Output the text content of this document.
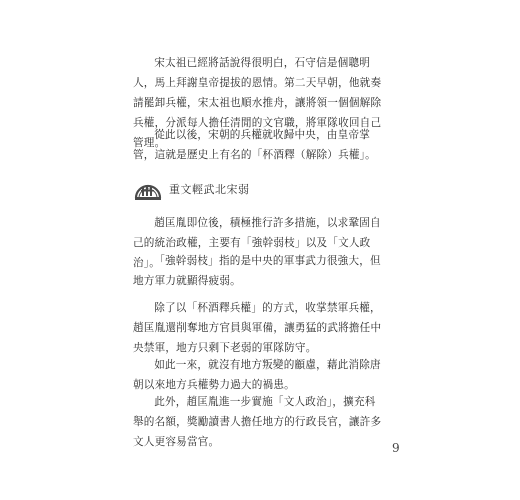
宋太祖已經將話說得很明白，石守信是個聰明人，馬上拜謝皇帝提拔的恩情。第二天早朝，他就奏請罷卸兵權，宋太祖也順水推舟，讓將領一個個解除兵權，分派每人擔任清閒的文官職，將軍隊收回自己管理。

從此以後，宋朝的兵權就收歸中央，由皇帝掌管，這就是歷史上有名的「杯酒釋（解除）兵權」。

重文輕武北宋弱

趙匡胤即位後，積極推行許多措施，以求鞏固自己的統治政權，主要有「強幹弱枝」以及「文人政治」。

「強幹弱枝」指的是中央的軍事武力很強大，但地方軍力就顯得疲弱。

除了以「杯酒釋兵權」的方式，收掌禁軍兵權，趙匡胤還削奪地方官員與軍備，讓勇猛的武將擔任中央禁軍，地方只剩下老弱的軍隊防守。

如此一來，就沒有地方叛變的顧慮，藉此消除唐朝以來地方兵權勢力過大的禍患。

此外，趙匡胤進一步實施「文人政治」，擴充科舉的名額，獎勵讀書人擔任地方的行政長官，讓許多文人更容易當官。	9
